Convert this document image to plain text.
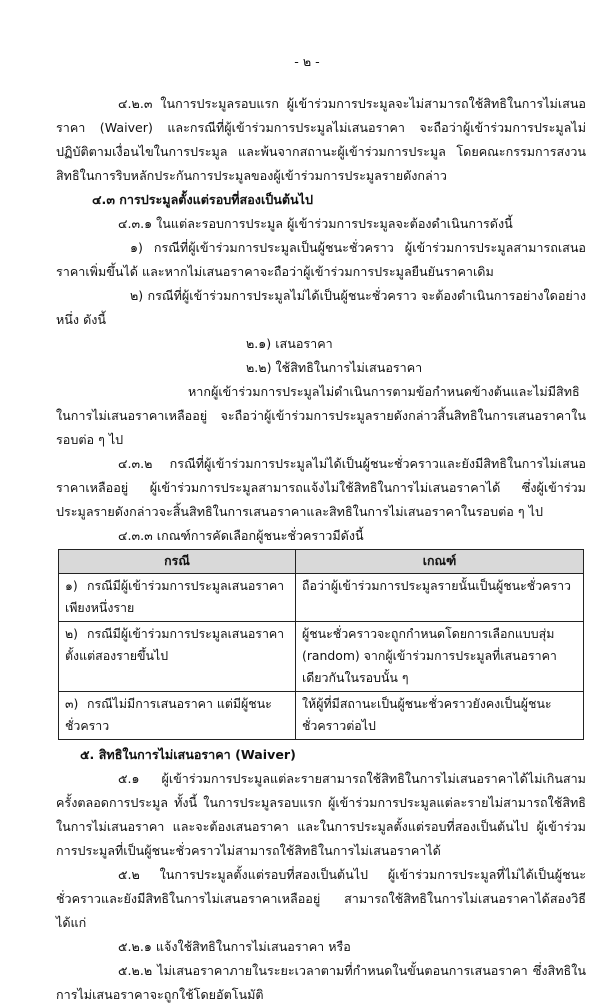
- ๒ -

๔.๒.๓ ในการประมูลรอบแรก ผู้เข้าร่วมการประมูลจะไม่สามารถใช้สิทธิในการไม่เสนอราคา (Waiver) และกรณีที่ผู้เข้าร่วมการประมูลไม่เสนอราคา จะถือว่าผู้เข้าร่วมการประมูลไม่ปฏิบัติตามเงื่อนไขในการประมูล และพ้นจากสถานะผู้เข้าร่วมการประมูล โดยคณะกรรมการสงวนสิทธิในการริบหลักประกันการประมูลของผู้เข้าร่วมการประมูลรายดังกล่าว

๔.๓ การประมูลตั้งแต่รอบที่สองเป็นต้นไป

๔.๓.๑ ในแต่ละรอบการประมูล ผู้เข้าร่วมการประมูลจะต้องดำเนินการดังนี้

๑) กรณีที่ผู้เข้าร่วมการประมูลเป็นผู้ชนะชั่วคราว ผู้เข้าร่วมการประมูลสามารถเสนอราคาเพิ่มขึ้นได้ และหากไม่เสนอราคาจะถือว่าผู้เข้าร่วมการประมูลยืนยันราคาเดิม

๒) กรณีที่ผู้เข้าร่วมการประมูลไม่ได้เป็นผู้ชนะชั่วคราว จะต้องดำเนินการอย่างใดอย่างหนึ่ง ดังนี้

๒.๑) เสนอราคา

๒.๒) ใช้สิทธิในการไม่เสนอราคา

หากผู้เข้าร่วมการประมูลไม่ดำเนินการตามข้อกำหนดข้างต้นและไม่มีสิทธิในการไม่เสนอราคาเหลืออยู่ จะถือว่าผู้เข้าร่วมการประมูลรายดังกล่าวสิ้นสิทธิในการเสนอราคาในรอบต่อ ๆ ไป

๔.๓.๒ กรณีที่ผู้เข้าร่วมการประมูลไม่ได้เป็นผู้ชนะชั่วคราวและยังมีสิทธิในการไม่เสนอราคาเหลืออยู่ ผู้เข้าร่วมการประมูลสามารถแจ้งไม่ใช้สิทธิในการไม่เสนอราคาได้ ซึ่งผู้เข้าร่วมประมูลรายดังกล่าวจะสิ้นสิทธิในการเสนอราคาและสิทธิในการไม่เสนอราคาในรอบต่อ ๆ ไป

๔.๓.๓ เกณฑ์การคัดเลือกผู้ชนะชั่วคราวมีดังนี้

กรณี	เกณฑ์
๑) กรณีมีผู้เข้าร่วมการประมูลเสนอราคาเพียงหนึ่งราย	ถือว่าผู้เข้าร่วมการประมูลรายนั้นเป็นผู้ชนะชั่วคราว
๒) กรณีมีผู้เข้าร่วมการประมูลเสนอราคาตั้งแต่สองรายขึ้นไป	ผู้ชนะชั่วคราวจะถูกกำหนดโดยการเลือกแบบสุ่ม (random) จากผู้เข้าร่วมการประมูลที่เสนอราคาเดียวกันในรอบนั้น ๆ
๓) กรณีไม่มีการเสนอราคา แต่มีผู้ชนะชั่วคราว	ให้ผู้ที่มีสถานะเป็นผู้ชนะชั่วคราวยังคงเป็นผู้ชนะชั่วคราวต่อไป

๕. สิทธิในการไม่เสนอราคา (Waiver)

๕.๑ ผู้เข้าร่วมการประมูลแต่ละรายสามารถใช้สิทธิในการไม่เสนอราคาได้ไม่เกินสามครั้งตลอดการประมูล ทั้งนี้ ในการประมูลรอบแรก ผู้เข้าร่วมการประมูลแต่ละรายไม่สามารถใช้สิทธิในการไม่เสนอราคา และจะต้องเสนอราคา และในการประมูลตั้งแต่รอบที่สองเป็นต้นไป ผู้เข้าร่วมการประมูลที่เป็นผู้ชนะชั่วคราวไม่สามารถใช้สิทธิในการไม่เสนอราคาได้

๕.๒ ในการประมูลตั้งแต่รอบที่สองเป็นต้นไป ผู้เข้าร่วมการประมูลที่ไม่ได้เป็นผู้ชนะชั่วคราวและยังมีสิทธิในการไม่เสนอราคาเหลืออยู่ สามารถใช้สิทธิในการไม่เสนอราคาได้สองวิธี ได้แก่

๕.๒.๑ แจ้งใช้สิทธิในการไม่เสนอราคา หรือ

๕.๒.๒ ไม่เสนอราคาภายในระยะเวลาตามที่กำหนดในขั้นตอนการเสนอราคา ซึ่งสิทธิในการไม่เสนอราคาจะถูกใช้โดยอัตโนมัติ
